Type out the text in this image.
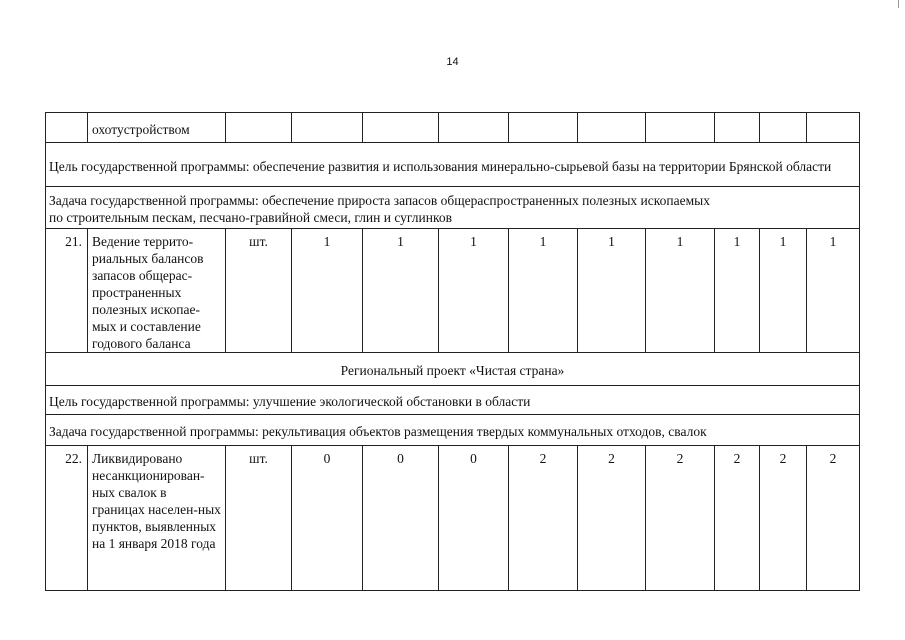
14
	охотустройством										
Цель государственной программы: обеспечение развития и использования минерально-сырьевой базы на территории Брянской области											
Задача государственной программы: обеспечение прироста запасов общераспространенных полезных ископаемых
по строительным пескам, песчано-гравийной смеси, глин и суглинков											
21.	Ведение террито-риальных балансов запасов общерас-пространенных полезных ископае-мых и составление годового баланса	шт.	1	1	1	1	1	1	1	1	1
Региональный проект «Чистая страна»											
Цель государственной программы: улучшение экологической обстановки в области											
Задача государственной программы: рекультивация объектов размещения твердых коммунальных отходов, свалок											
22.	Ликвидировано несанкционирован-ных свалок в границах населен-ных пунктов, выявленных на 1 января 2018 года	шт.	0	0	0	2	2	2	2	2	2
